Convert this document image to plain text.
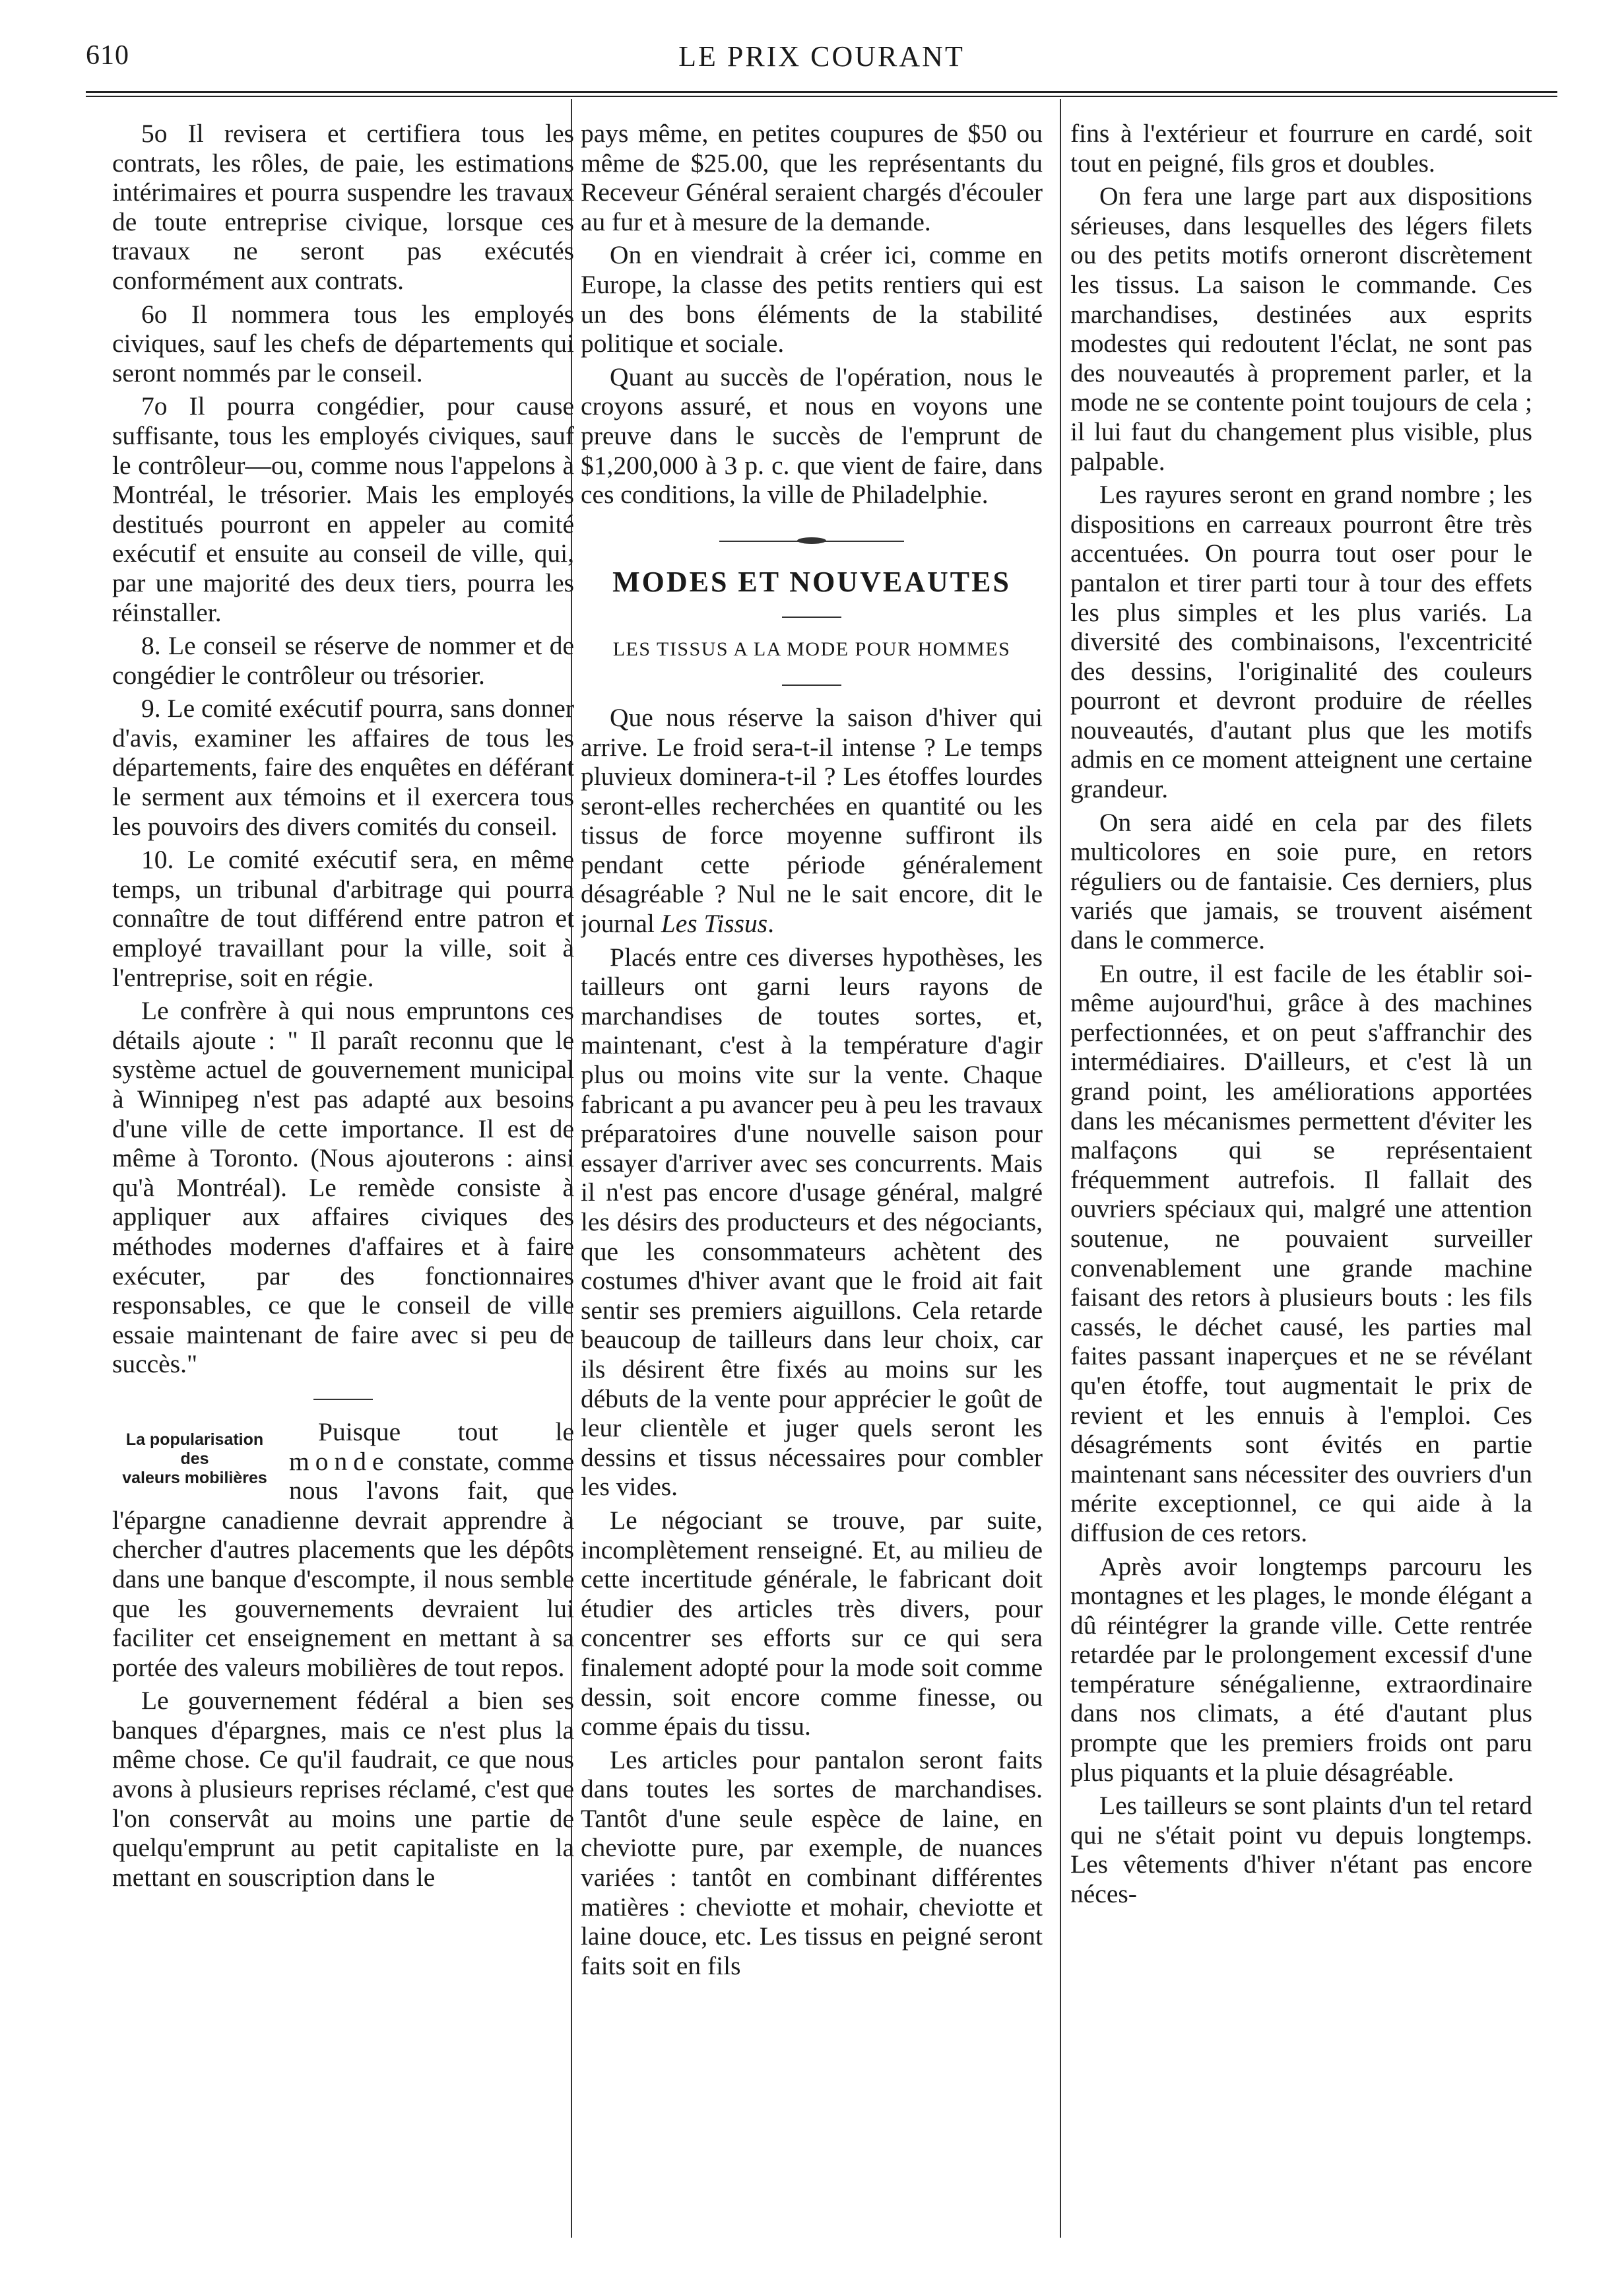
610	LE PRIX COURANT

5o Il revisera et certifiera tous les contrats, les rôles, de paie, les estimations intérimaires et pourra suspendre les travaux de toute entreprise civique, lorsque ces travaux ne seront pas exécutés conformément aux contrats.

6o Il nommera tous les employés civiques, sauf les chefs de départements qui seront nommés par le conseil.

7o Il pourra congédier, pour cause suffisante, tous les employés civiques, sauf le contrôleur—ou, comme nous l'appelons à Montréal, le trésorier. Mais les employés destitués pourront en appeler au comité exécutif et ensuite au conseil de ville, qui, par une majorité des deux tiers, pourra les réinstaller.

8. Le conseil se réserve de nommer et de congédier le contrôleur ou trésorier.

9. Le comité exécutif pourra, sans donner d'avis, examiner les affaires de tous les départements, faire des enquêtes en déférant le serment aux témoins et il exercera tous les pouvoirs des divers comités du conseil.

10. Le comité exécutif sera, en même temps, un tribunal d'arbitrage qui pourra connaître de tout différend entre patron et employé travaillant pour la ville, soit à l'entreprise, soit en régie.

Le confrère à qui nous empruntons ces détails ajoute : " Il paraît reconnu que le système actuel de gouvernement municipal à Winnipeg n'est pas adapté aux besoins d'une ville de cette importance. Il est de même à Toronto. (Nous ajouterons : ainsi qu'à Montréal). Le remède consiste à appliquer aux affaires civiques des méthodes modernes d'affaires et à faire exécuter, par des fonctionnaires responsables, ce que le conseil de ville essaie maintenant de faire avec si peu de succès."

La popularisation
des
valeurs mobilières

Puisque tout le monde constate, comme nous l'avons fait, que l'épargne canadienne devrait apprendre à chercher d'autres placements que les dépôts dans une banque d'escompte, il nous semble que les gouvernements devraient lui faciliter cet enseignement en mettant à sa portée des valeurs mobilières de tout repos.

Le gouvernement fédéral a bien ses banques d'épargnes, mais ce n'est plus la même chose. Ce qu'il faudrait, ce que nous avons à plusieurs reprises réclamé, c'est que l'on conservât au moins une partie de quelqu'emprunt au petit capitaliste en la mettant en souscription dans le

pays même, en petites coupures de $50 ou même de $25.00, que les représentants du Receveur Général seraient chargés d'écouler au fur et à mesure de la demande.

On en viendrait à créer ici, comme en Europe, la classe des petits rentiers qui est un des bons éléments de la stabilité politique et sociale.

Quant au succès de l'opération, nous le croyons assuré, et nous en voyons une preuve dans le succès de l'emprunt de $1,200,000 à 3 p. c. que vient de faire, dans ces conditions, la ville de Philadelphie.

MODES ET NOUVEAUTES
LES TISSUS A LA MODE POUR HOMMES

Que nous réserve la saison d'hiver qui arrive. Le froid sera-t-il intense ? Le temps pluvieux dominera-t-il ? Les étoffes lourdes seront-elles recherchées en quantité ou les tissus de force moyenne suffiront ils pendant cette période généralement désagréable ? Nul ne le sait encore, dit le journal Les Tissus.

Placés entre ces diverses hypothèses, les tailleurs ont garni leurs rayons de marchandises de toutes sortes, et, maintenant, c'est à la température d'agir plus ou moins vite sur la vente. Chaque fabricant a pu avancer peu à peu les travaux préparatoires d'une nouvelle saison pour essayer d'arriver avec ses concurrents. Mais il n'est pas encore d'usage général, malgré les désirs des producteurs et des négociants, que les consommateurs achètent des costumes d'hiver avant que le froid ait fait sentir ses premiers aiguillons. Cela retarde beaucoup de tailleurs dans leur choix, car ils désirent être fixés au moins sur les débuts de la vente pour apprécier le goût de leur clientèle et juger quels seront les dessins et tissus nécessaires pour combler les vides.

Le négociant se trouve, par suite, incomplètement renseigné. Et, au milieu de cette incertitude générale, le fabricant doit étudier des articles très divers, pour concentrer ses efforts sur ce qui sera finalement adopté pour la mode soit comme dessin, soit encore comme finesse, ou comme épais du tissu.

Les articles pour pantalon seront faits dans toutes les sortes de marchandises. Tantôt d'une seule espèce de laine, en cheviotte pure, par exemple, de nuances variées : tantôt en combinant différentes matières : cheviotte et mohair, cheviotte et laine douce, etc. Les tissus en peigné seront faits soit en fils

fins à l'extérieur et fourrure en cardé, soit tout en peigné, fils gros et doubles.

On fera une large part aux dispositions sérieuses, dans lesquelles des légers filets ou des petits motifs orneront discrètement les tissus. La saison le commande. Ces marchandises, destinées aux esprits modestes qui redoutent l'éclat, ne sont pas des nouveautés à proprement parler, et la mode ne se contente point toujours de cela ; il lui faut du changement plus visible, plus palpable.

Les rayures seront en grand nombre ; les dispositions en carreaux pourront être très accentuées. On pourra tout oser pour le pantalon et tirer parti tour à tour des effets les plus simples et les plus variés. La diversité des combinaisons, l'excentricité des dessins, l'originalité des couleurs pourront et devront produire de réelles nouveautés, d'autant plus que les motifs admis en ce moment atteignent une certaine grandeur.

On sera aidé en cela par des filets multicolores en soie pure, en retors réguliers ou de fantaisie. Ces derniers, plus variés que jamais, se trouvent aisément dans le commerce.

En outre, il est facile de les établir soi-même aujourd'hui, grâce à des machines perfectionnées, et on peut s'affranchir des intermédiaires. D'ailleurs, et c'est là un grand point, les améliorations apportées dans les mécanismes permettent d'éviter les malfaçons qui se représentaient fréquemment autrefois. Il fallait des ouvriers spéciaux qui, malgré une attention soutenue, ne pouvaient surveiller convenablement une grande machine faisant des retors à plusieurs bouts : les fils cassés, le déchet causé, les parties mal faites passant inaperçues et ne se révélant qu'en étoffe, tout augmentait le prix de revient et les ennuis à l'emploi. Ces désagréments sont évités en partie maintenant sans nécessiter des ouvriers d'un mérite exceptionnel, ce qui aide à la diffusion de ces retors.

Après avoir longtemps parcouru les montagnes et les plages, le monde élégant a dû réintégrer la grande ville. Cette rentrée retardée par le prolongement excessif d'une température sénégalienne, extraordinaire dans nos climats, a été d'autant plus prompte que les premiers froids ont paru plus piquants et la pluie désagréable.

Les tailleurs se sont plaints d'un tel retard qui ne s'était point vu depuis longtemps. Les vêtements d'hiver n'étant pas encore néces-
